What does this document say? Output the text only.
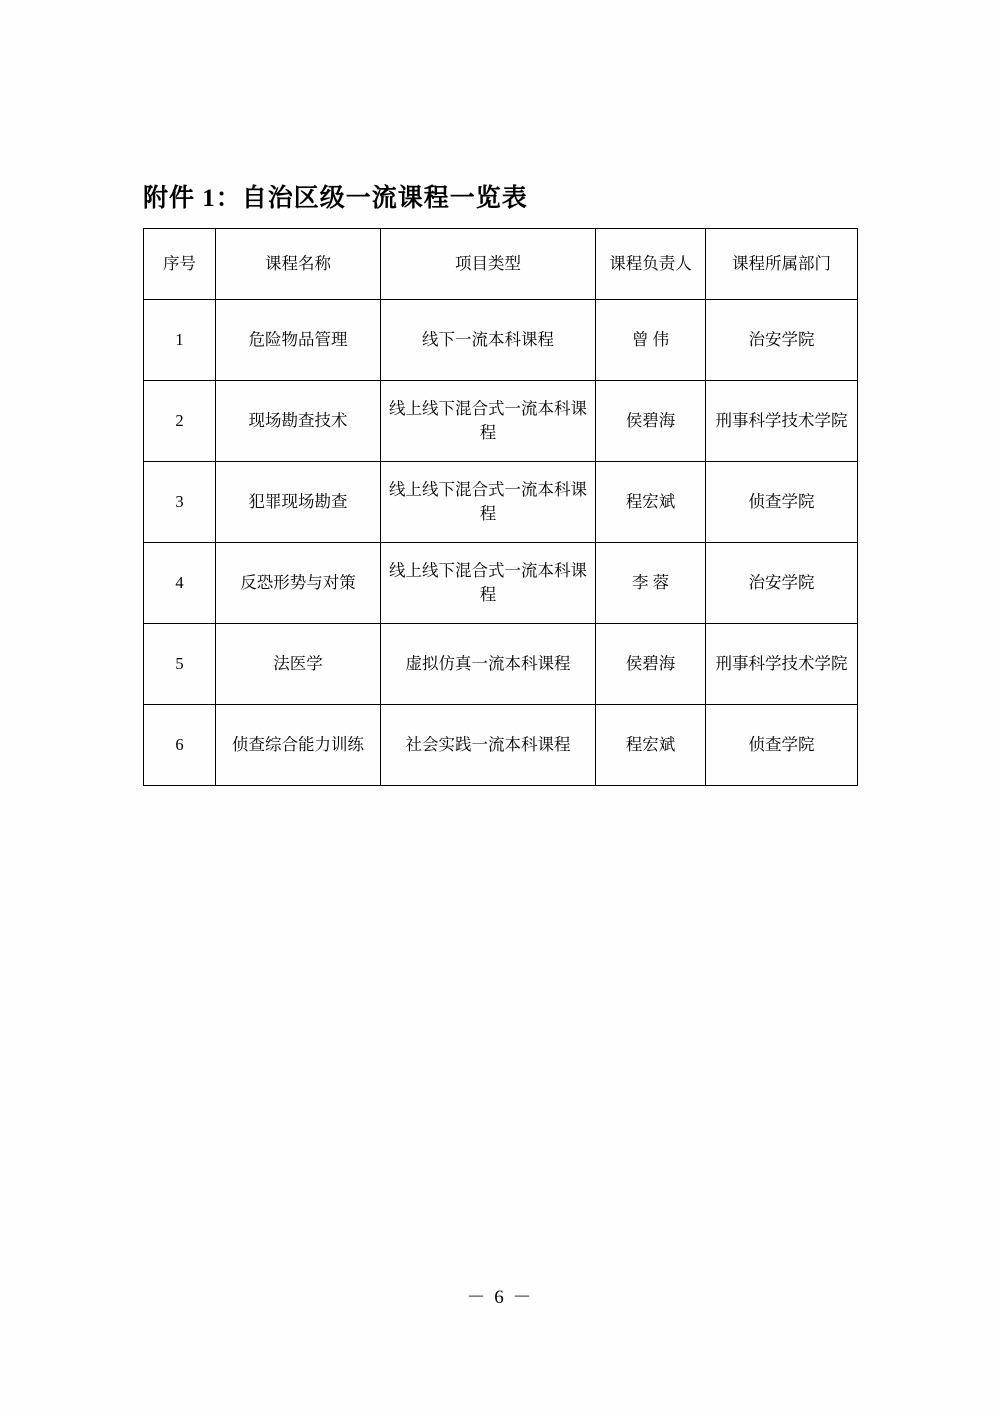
附件 1：自治区级一流课程一览表
序号	课程名称	项目类型	课程负责人	课程所属部门
1	危险物品管理	线下一流本科课程	曾 伟	治安学院
2	现场勘查技术	线上线下混合式一流本科课程	侯碧海	刑事科学技术学院
3	犯罪现场勘查	线上线下混合式一流本科课程	程宏斌	侦查学院
4	反恐形势与对策	线上线下混合式一流本科课程	李 蓉	治安学院
5	法医学	虚拟仿真一流本科课程	侯碧海	刑事科学技术学院
6	侦查综合能力训练	社会实践一流本科课程	程宏斌	侦查学院
－ 6 －
